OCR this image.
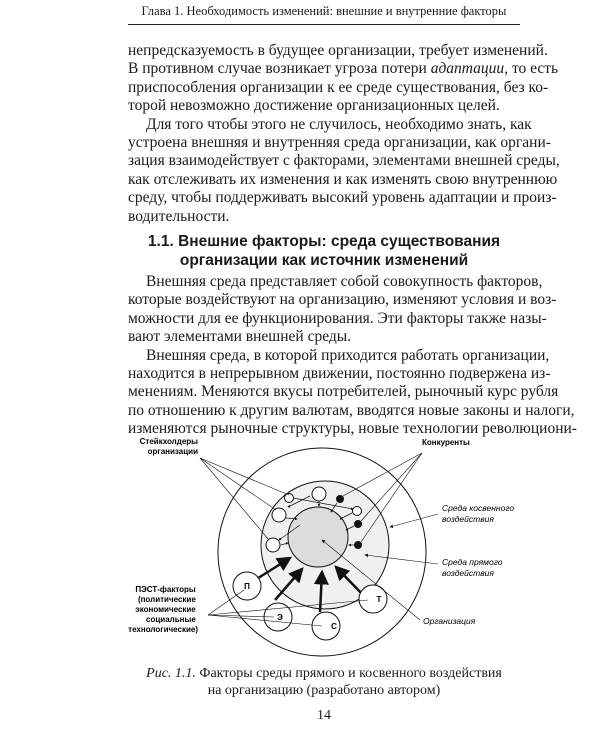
Глава 1. Необходимость изменений: внешние и внутренние факторы
непредсказуемость в будущее организации, требует изменений.
В противном случае возникает угроза потери адаптации, то есть
приспособления организации к ее среде существования, без ко-
торой невозможно достижение организационных целей.
Для того чтобы этого не случилось, необходимо знать, как
устроена внешняя и внутренняя среда организации, как органи-
зация взаимодействует с факторами, элементами внешней среды,
как отслеживать их изменения и как изменять свою внутреннюю
среду, чтобы поддерживать высокий уровень адаптации и произ-
водительности.
1.1. Внешние факторы: среда существования
организации как источник изменений
Внешняя среда представляет собой совокупность факторов,
которые воздействуют на организацию, изменяют условия и воз-
можности для ее функционирования. Эти факторы также назы-
вают элементами внешней среды.
Внешняя среда, в которой приходится работать организации,
находится в непрерывном движении, постоянно подвержена из-
менениям. Меняются вкусы потребителей, рыночный курс рубля
по отношению к другим валютам, вводятся новые законы и налоги,
изменяются рыночные структуры, новые технологии революциони-
П
Э
С
Т
Стейкхолдеры организации
Конкуренты
Среда косвенного воздействия
Среда прямого воздействия
Организация
ПЭСТ-факторы (политические экономические социальные технологические)
Рис. 1.1. Факторы среды прямого и косвенного воздействия
на организацию (разработано автором)
14
